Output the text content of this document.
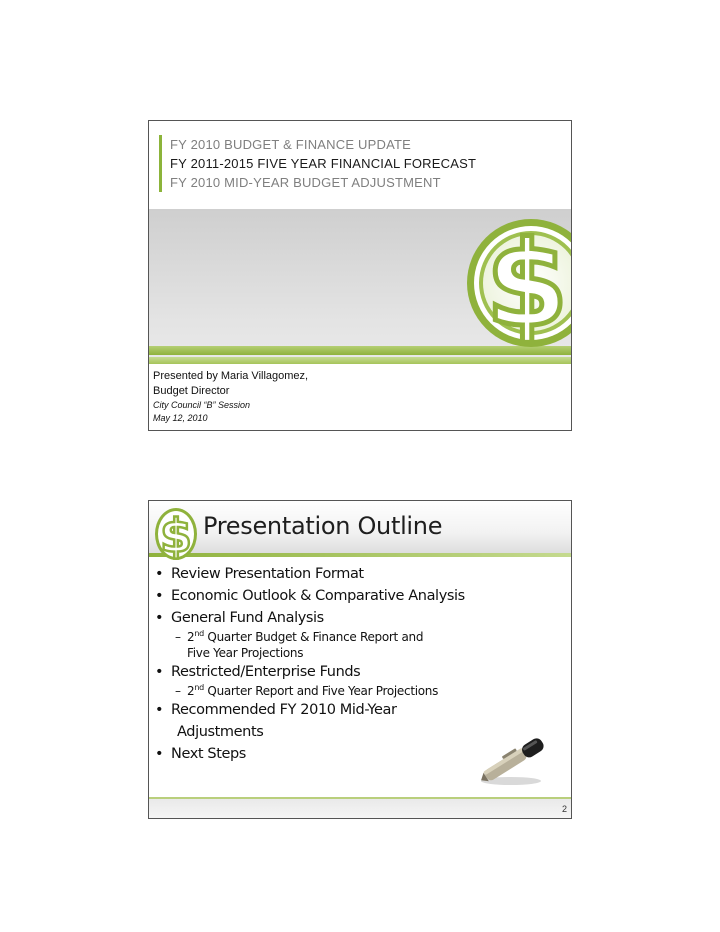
FY 2010 BUDGET & FINANCE UPDATE
FY 2011-2015 FIVE YEAR FINANCIAL FORECAST
FY 2010 MID-YEAR BUDGET ADJUSTMENT
$
Presented by Maria Villagomez,
Budget Director
City Council “B” Session
May 12, 2010
$ Presentation Outline
• Review Presentation Format
• Economic Outlook & Comparative Analysis
• General Fund Analysis
– 2nd Quarter Budget & Finance Report and
Five Year Projections
• Restricted/Enterprise Funds
– 2nd Quarter Report and Five Year Projections
• Recommended FY 2010 Mid-Year
Adjustments
• Next Steps
2
